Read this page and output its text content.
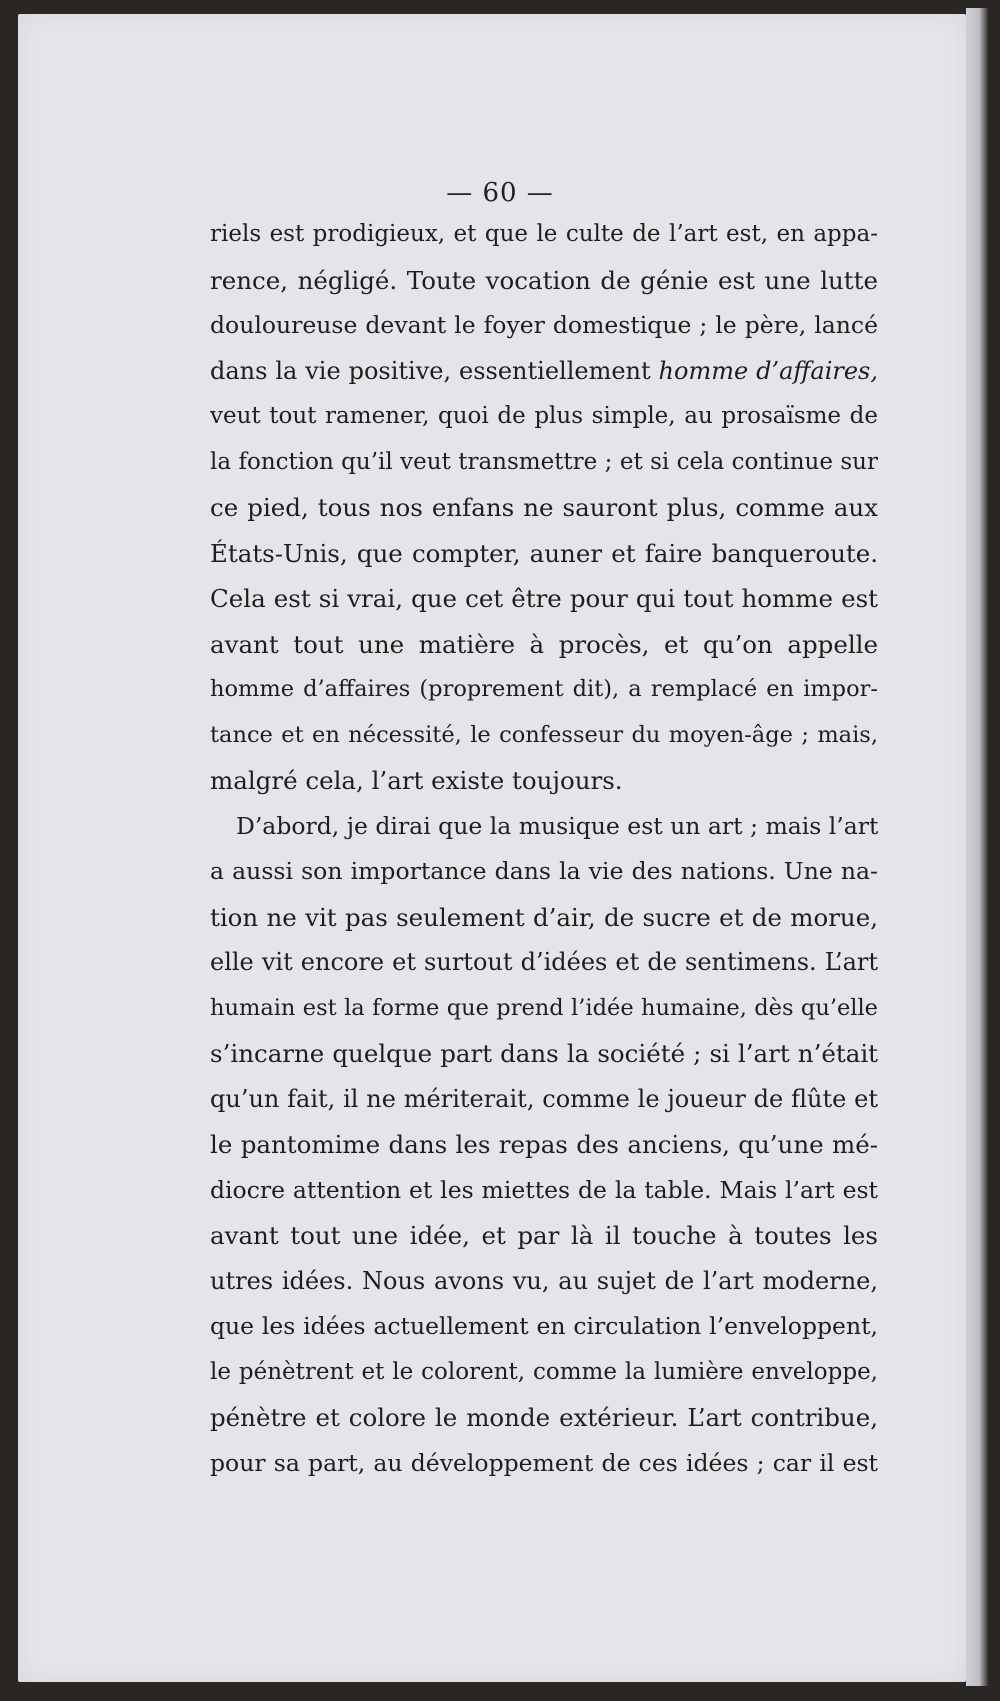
— 60 —
riels est prodigieux, et que le culte de l’art est, en appa-
rence, négligé. Toute vocation de génie est une lutte
douloureuse devant le foyer domestique ; le père, lancé
dans la vie positive, essentiellement homme d’affaires,
veut tout ramener, quoi de plus simple, au prosaïsme de
la fonction qu’il veut transmettre ; et si cela continue sur
ce pied, tous nos enfans ne sauront plus, comme aux
États-Unis, que compter, auner et faire banqueroute.
Cela est si vrai, que cet être pour qui tout homme est
avant tout une matière à procès, et qu’on appelle
homme d’affaires (proprement dit), a remplacé en impor-
tance et en nécessité, le confesseur du moyen-âge ; mais,
malgré cela, l’art existe toujours.
D’abord, je dirai que la musique est un art ; mais l’art
a aussi son importance dans la vie des nations. Une na-
tion ne vit pas seulement d’air, de sucre et de morue,
elle vit encore et surtout d’idées et de sentimens. L’art
humain est la forme que prend l’idée humaine, dès qu’elle
s’incarne quelque part dans la société ; si l’art n’était
qu’un fait, il ne mériterait, comme le joueur de flûte et
le pantomime dans les repas des anciens, qu’une mé-
diocre attention et les miettes de la table. Mais l’art est
avant tout une idée, et par là il touche à toutes les
utres idées. Nous avons vu, au sujet de l’art moderne,
que les idées actuellement en circulation l’enveloppent,
le pénètrent et le colorent, comme la lumière enveloppe,
pénètre et colore le monde extérieur. L’art contribue,
pour sa part, au développement de ces idées ; car il est
